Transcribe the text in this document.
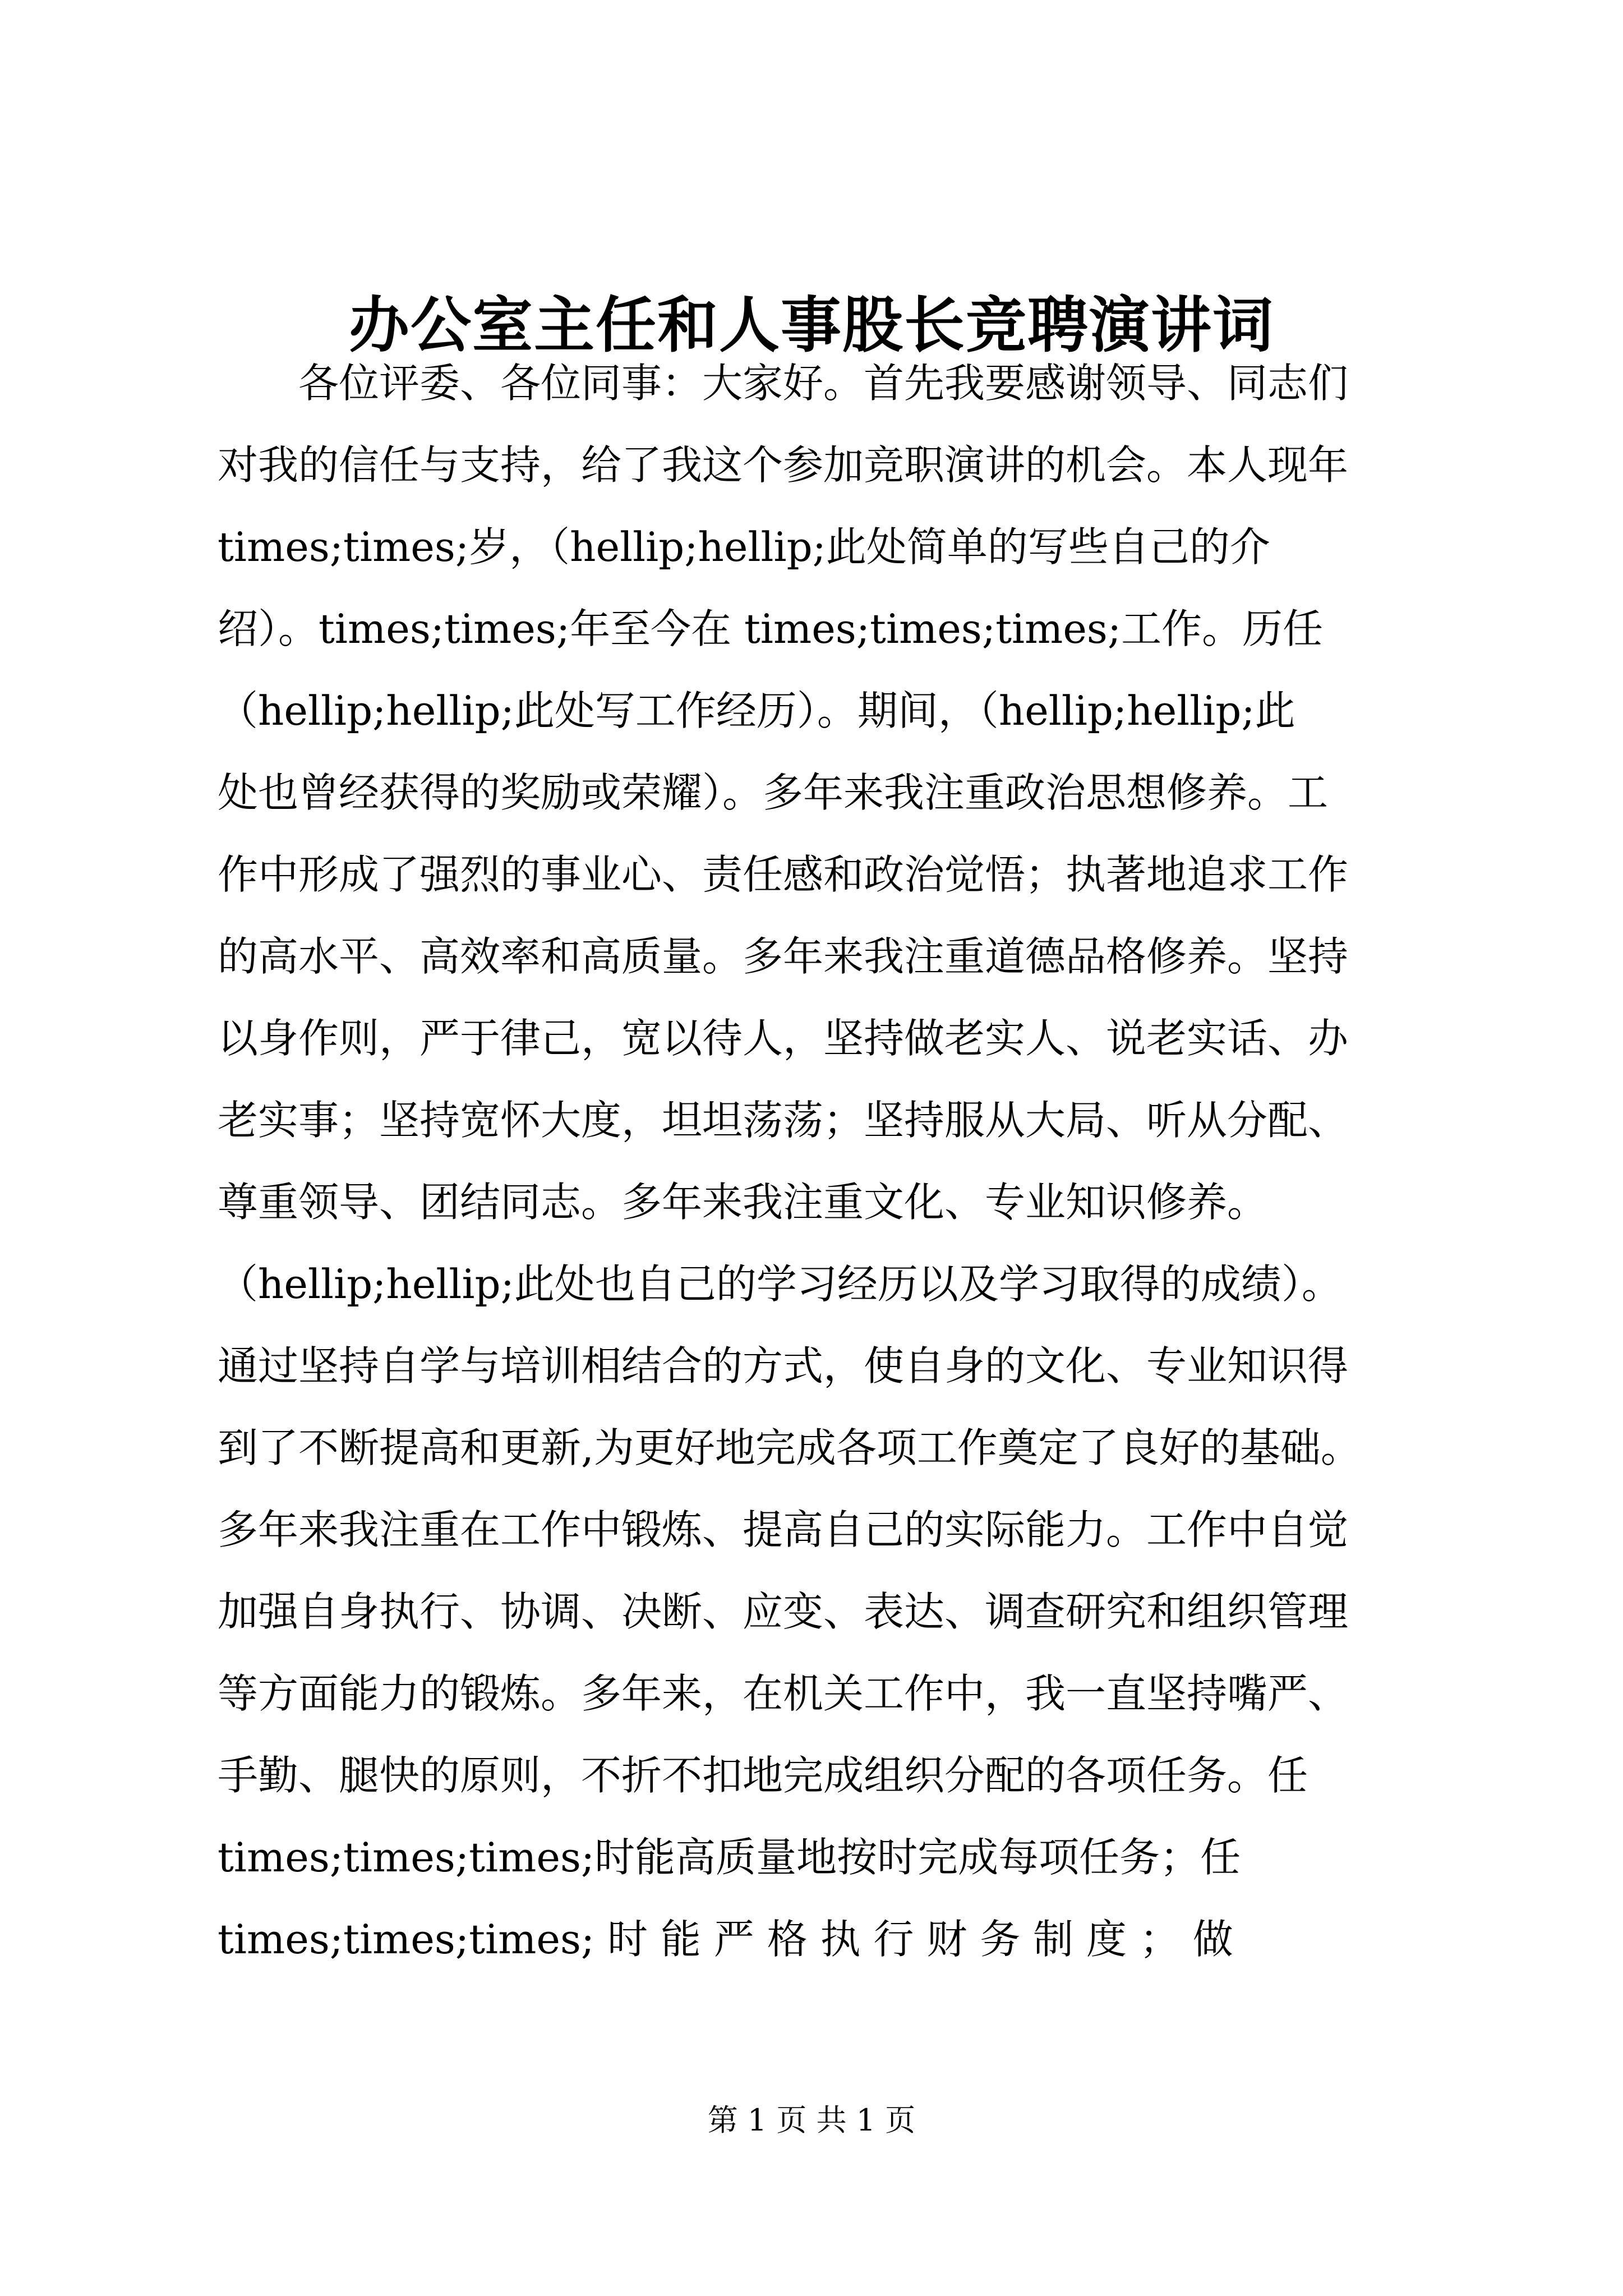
办公室主任和人事股长竞聘演讲词
　　各位评委、各位同事：大家好。首先我要感谢领导、同志们
对我的信任与支持，给了我这个参加竞职演讲的机会。本人现年
times;times;岁，（hellip;hellip;此处简单的写些自己的介
绍）。times;times;年至今在 times;times;times;工作。历任
（hellip;hellip;此处写工作经历）。期间，（hellip;hellip;此
处也曾经获得的奖励或荣耀）。多年来我注重政治思想修养。工
作中形成了强烈的事业心、责任感和政治觉悟；执著地追求工作
的高水平、高效率和高质量。多年来我注重道德品格修养。坚持
以身作则，严于律己，宽以待人，坚持做老实人、说老实话、办
老实事；坚持宽怀大度，坦坦荡荡；坚持服从大局、听从分配、
尊重领导、团结同志。多年来我注重文化、专业知识修养。
（hellip;hellip;此处也自己的学习经历以及学习取得的成绩）。
通过坚持自学与培训相结合的方式，使自身的文化、专业知识得
到了不断提高和更新,为更好地完成各项工作奠定了良好的基础。
多年来我注重在工作中锻炼、提高自己的实际能力。工作中自觉
加强自身执行、协调、决断、应变、表达、调查研究和组织管理
等方面能力的锻炼。多年来，在机关工作中，我一直坚持嘴严、
手勤、腿快的原则，不折不扣地完成组织分配的各项任务。任
times;times;times;时能高质量地按时完成每项任务；任
times;times;times; 时 能 严 格 执 行 财 务 制 度 ； 做
第 1 页 共 1 页
